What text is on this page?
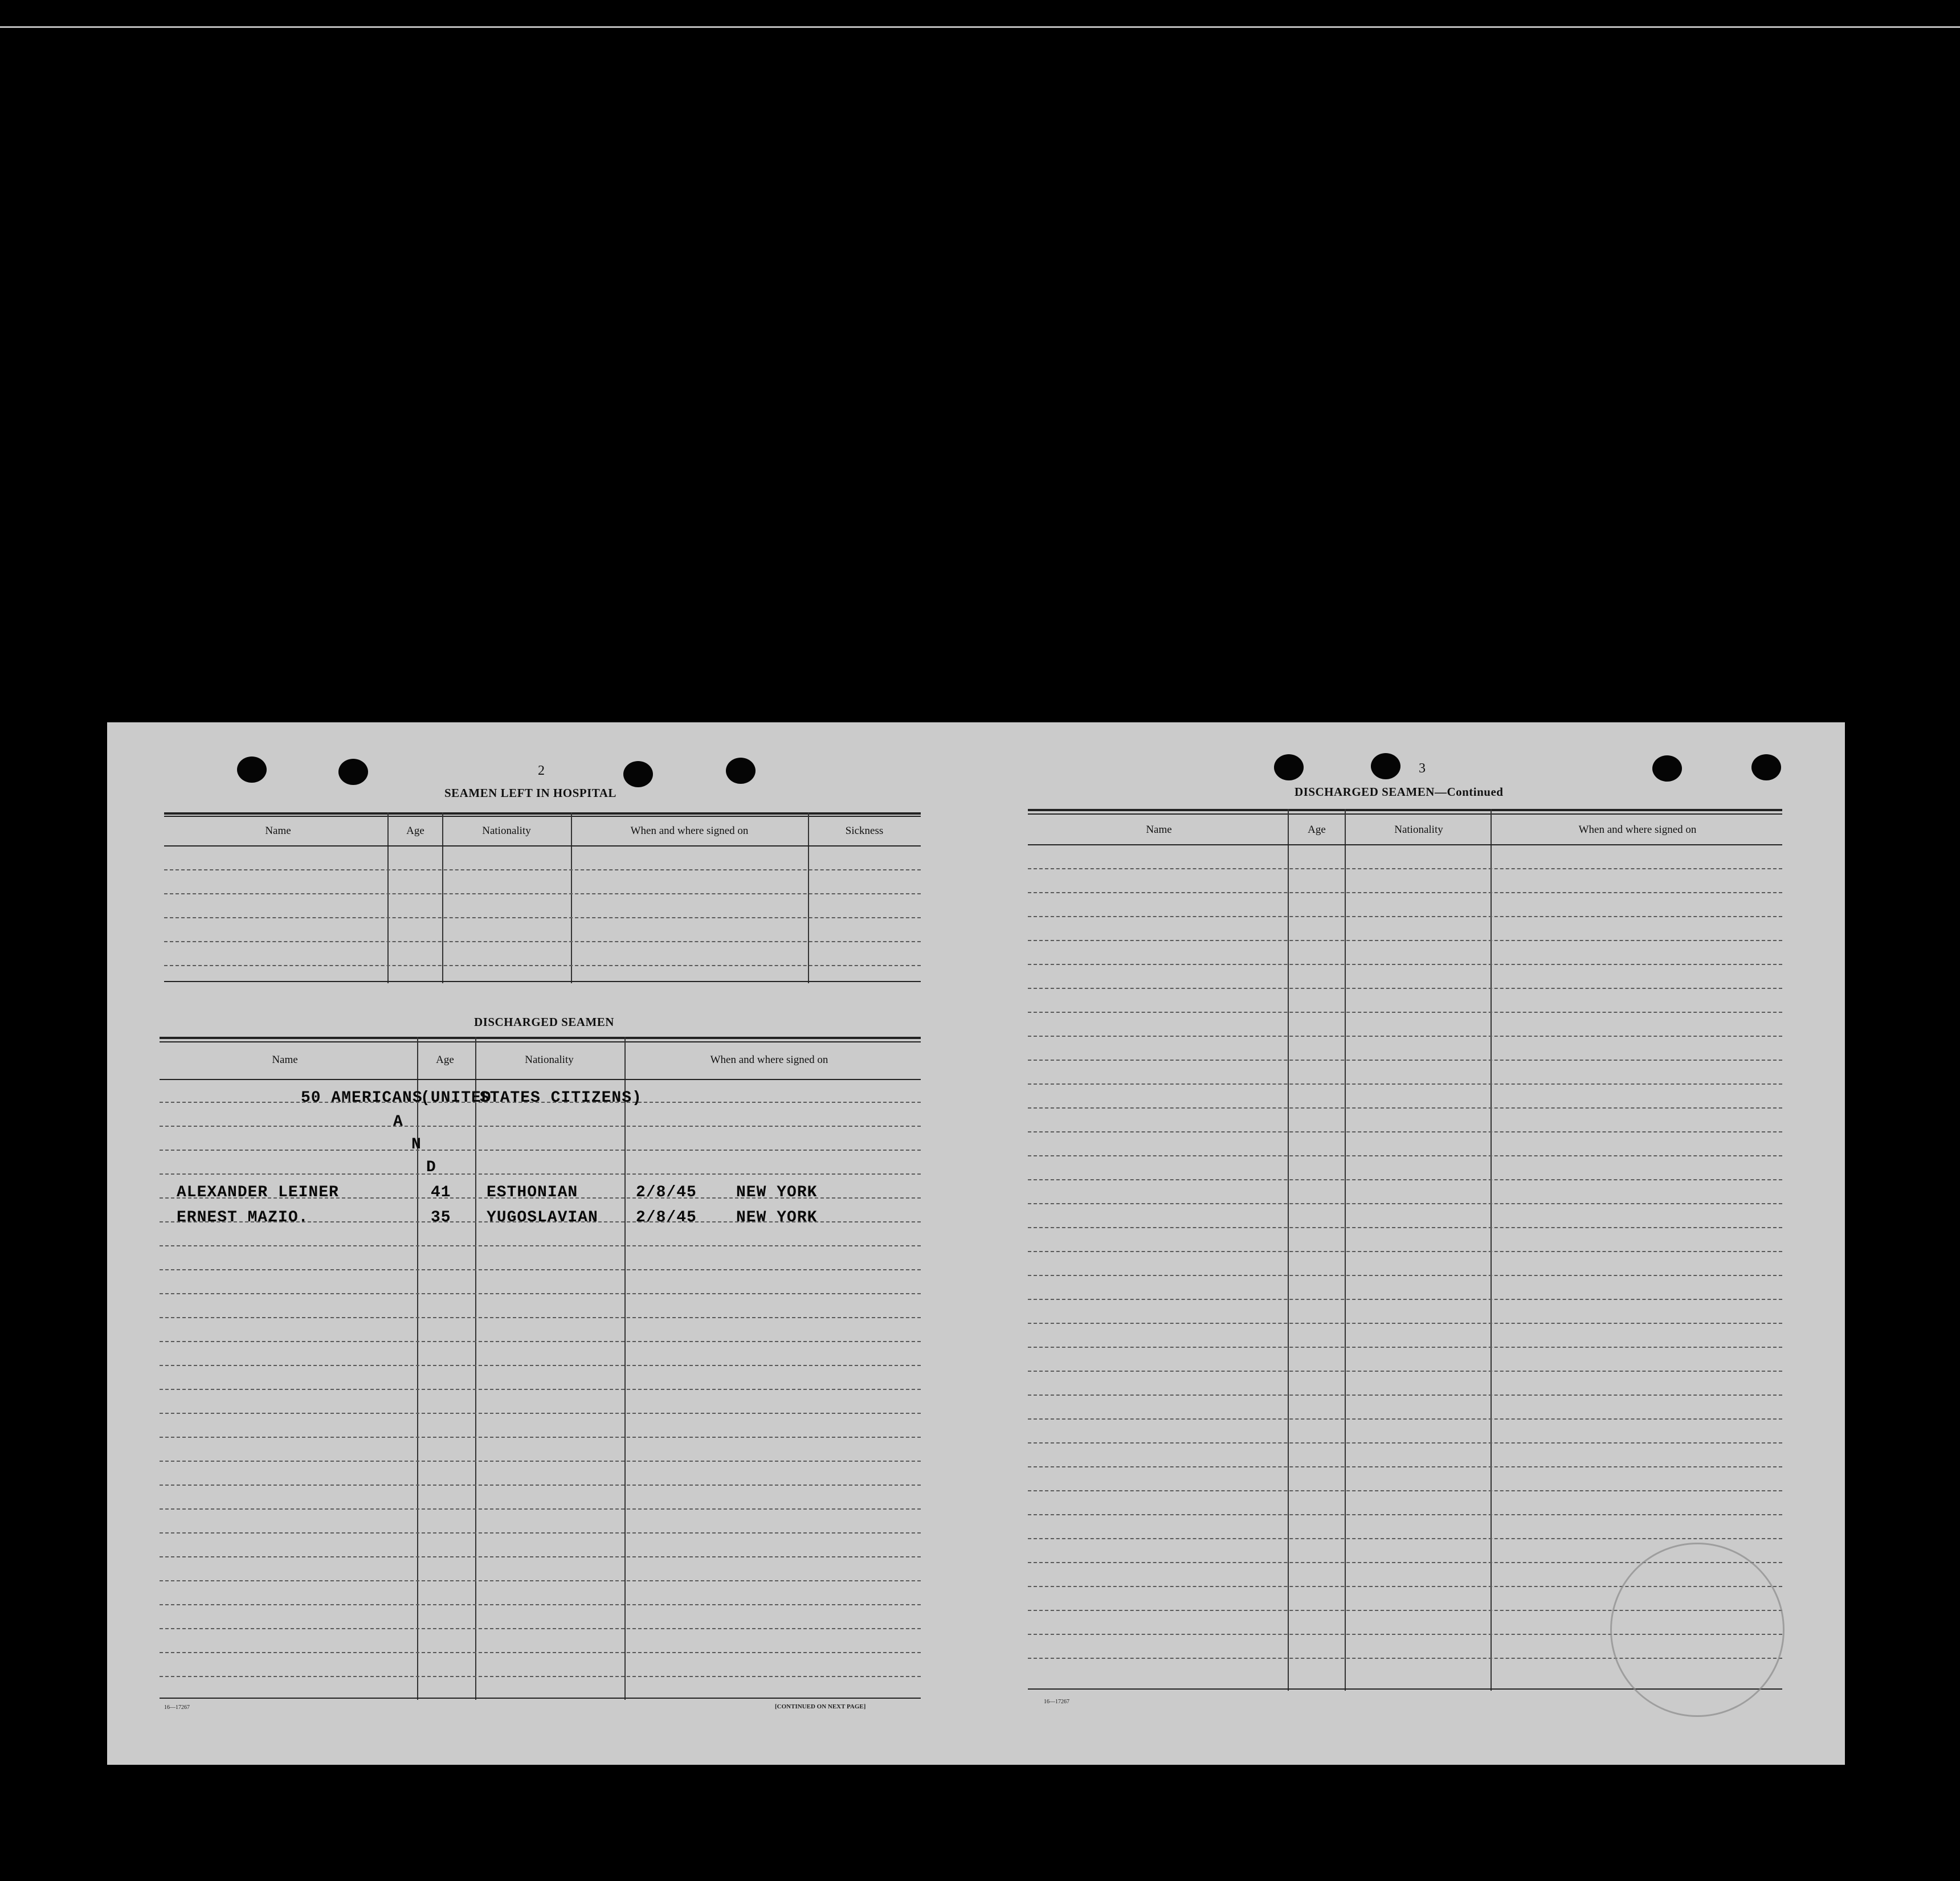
2
SEAMEN LEFT IN HOSPITAL
Name	Age	Nationality	When and where signed on	Sickness
DISCHARGED SEAMEN
Name	Age	Nationality	When and where signed on
50 AMERICANS
(UNITED
STATES CITIZENS)
A
N
D
ALEXANDER LEINER	41 ESTHONIAN	2/8/45 NEW YORK
ERNEST MAZIO.	35 YUGOSLAVIAN 2/8/45 NEW YORK
16—17267	[CONTINUED ON NEXT PAGE]
3
DISCHARGED SEAMEN—Continued
Name	Age	Nationality	When and where signed on
16—17267
